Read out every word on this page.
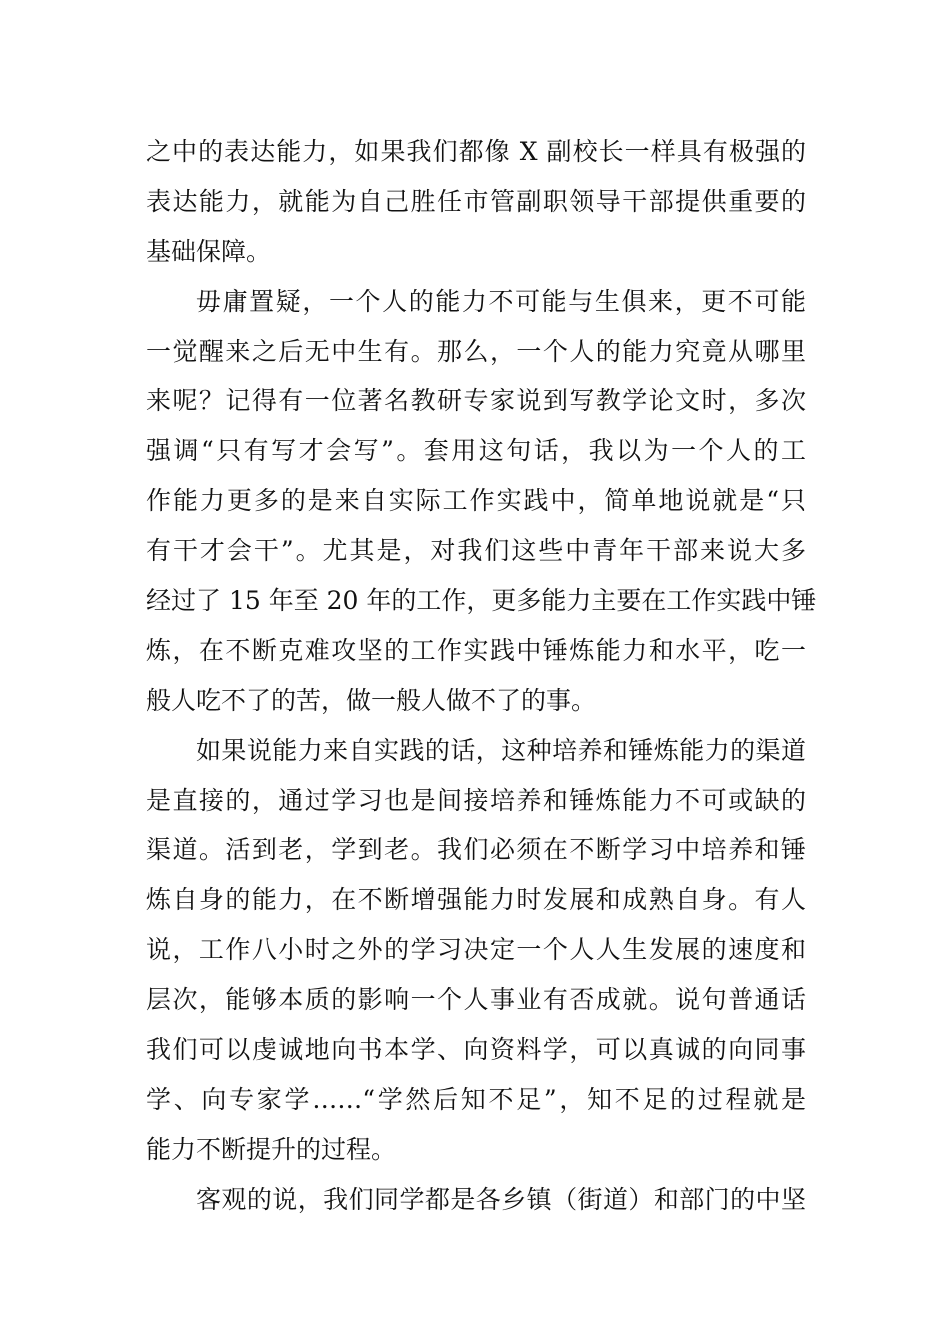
之中的表达能力，如果我们都像 X 副校长一样具有极强的
表达能力，就能为自己胜任市管副职领导干部提供重要的
基础保障。
毋庸置疑，一个人的能力不可能与生俱来，更不可能
一觉醒来之后无中生有。那么，一个人的能力究竟从哪里
来呢？记得有一位著名教研专家说到写教学论文时，多次
强调“只有写才会写”。套用这句话，我以为一个人的工
作能力更多的是来自实际工作实践中，简单地说就是“只
有干才会干”。尤其是，对我们这些中青年干部来说大多
经过了 15 年至 20 年的工作，更多能力主要在工作实践中锤
炼，在不断克难攻坚的工作实践中锤炼能力和水平，吃一
般人吃不了的苦，做一般人做不了的事。
如果说能力来自实践的话，这种培养和锤炼能力的渠道
是直接的，通过学习也是间接培养和锤炼能力不可或缺的
渠道。活到老，学到老。我们必须在不断学习中培养和锤
炼自身的能力，在不断增强能力时发展和成熟自身。有人
说，工作八小时之外的学习决定一个人人生发展的速度和
层次，能够本质的影响一个人事业有否成就。说句普通话
我们可以虔诚地向书本学、向资料学，可以真诚的向同事
学、向专家学……“学然后知不足”，知不足的过程就是
能力不断提升的过程。
客观的说，我们同学都是各乡镇（街道）和部门的中坚
